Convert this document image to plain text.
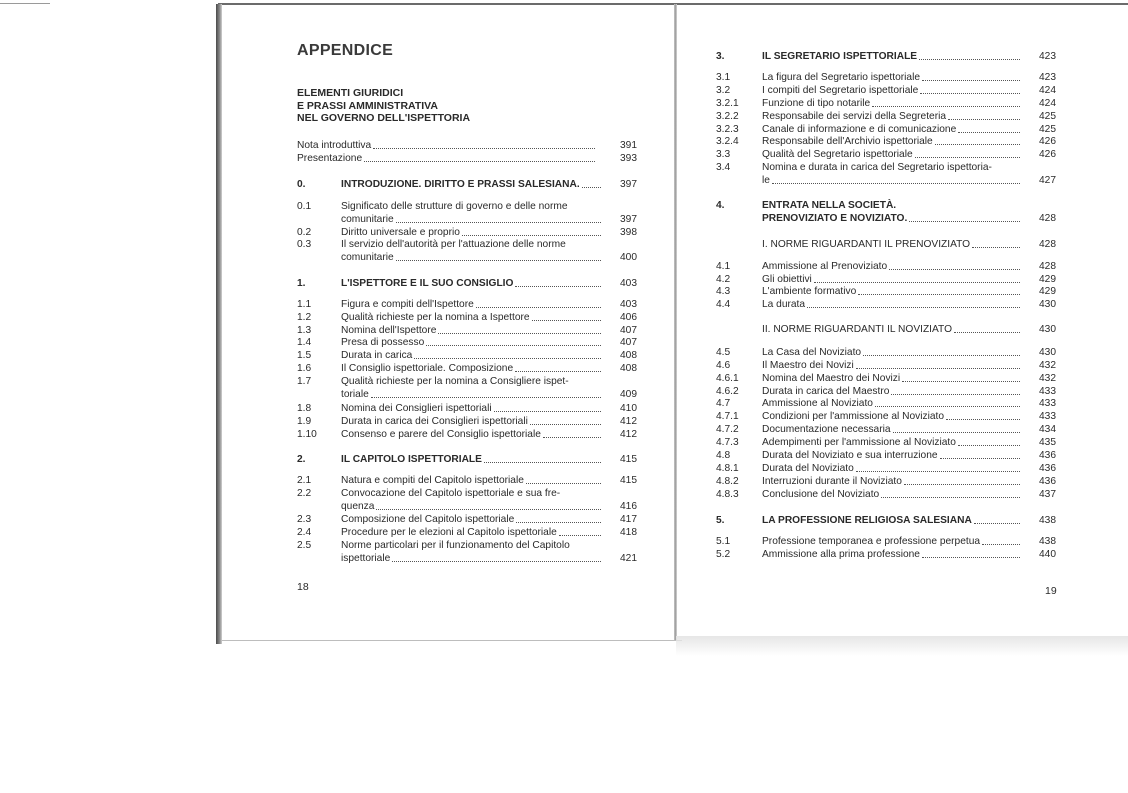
APPENDICE
ELEMENTI GIURIDICI
E PRASSI AMMINISTRATIVA
NEL GOVERNO DELL'ISPETTORIA
Nota introduttiva	391
Presentazione	393
0.	INTRODUZIONE. DIRITTO E PRASSI SALESIANA.	397
0.1	Significato delle strutture di governo e delle norme
comunitarie	397
0.2	Diritto universale e proprio	398
0.3	Il servizio dell'autorità per l'attuazione delle norme
comunitarie	400
1.	L'ISPETTORE E IL SUO CONSIGLIO	403
1.1	Figura e compiti dell'Ispettore	403
1.2	Qualità richieste per la nomina a Ispettore	406
1.3	Nomina dell'Ispettore	407
1.4	Presa di possesso	407
1.5	Durata in carica	408
1.6	Il Consiglio ispettoriale. Composizione	408
1.7	Qualità richieste per la nomina a Consigliere ispet-
toriale	409
1.8	Nomina dei Consiglieri ispettoriali	410
1.9	Durata in carica dei Consiglieri ispettoriali	412
1.10 Consenso e parere del Consiglio ispettoriale	412
2.	IL CAPITOLO ISPETTORIALE	415
2.1	Natura e compiti del Capitolo ispettoriale	415
2.2	Convocazione del Capitolo ispettoriale e sua fre-
quenza	416
2.3	Composizione del Capitolo ispettoriale	417
2.4	Procedure per le elezioni al Capitolo ispettoriale	418
2.5	Norme particolari per il funzionamento del Capitolo
ispettoriale	421
3.	IL SEGRETARIO ISPETTORIALE	423
3.1	La figura del Segretario ispettoriale	423
3.2	I compiti del Segretario ispettoriale	424
3.2.1 Funzione di tipo notarile	424
3.2.2 Responsabile dei servizi della Segreteria	425
3.2.3 Canale di informazione e di comunicazione	425
3.2.4 Responsabile dell'Archivio ispettoriale	426
3.3	Qualità del Segretario ispettoriale	426
3.4	Nomina e durata in carica del Segretario ispettoria-
le	427
4.	ENTRATA NELLA SOCIETÀ.
PRENOVIZIATO E NOVIZIATO.	428
I. NORME RIGUARDANTI IL PRENOVIZIATO	428
4.1	Ammissione al Prenoviziato	428
4.2	Gli obiettivi	429
4.3	L'ambiente formativo	429
4.4	La durata	430
II. NORME RIGUARDANTI IL NOVIZIATO	430
4.5	La Casa del Noviziato	430
4.6	Il Maestro dei Novizi	432
4.6.1 Nomina del Maestro dei Novizi	432
4.6.2 Durata in carica del Maestro	433
4.7	Ammissione al Noviziato	433
4.7.1 Condizioni per l'ammissione al Noviziato	433
4.7.2 Documentazione necessaria	434
4.7.3 Adempimenti per l'ammissione al Noviziato	435
4.8	Durata del Noviziato e sua interruzione	436
4.8.1 Durata del Noviziato	436
4.8.2 Interruzioni durante il Noviziato	436
4.8.3 Conclusione del Noviziato	437
5.	LA PROFESSIONE RELIGIOSA SALESIANA	438
5.1	Professione temporanea e professione perpetua	438
5.2	Ammissione alla prima professione	440
18	19
